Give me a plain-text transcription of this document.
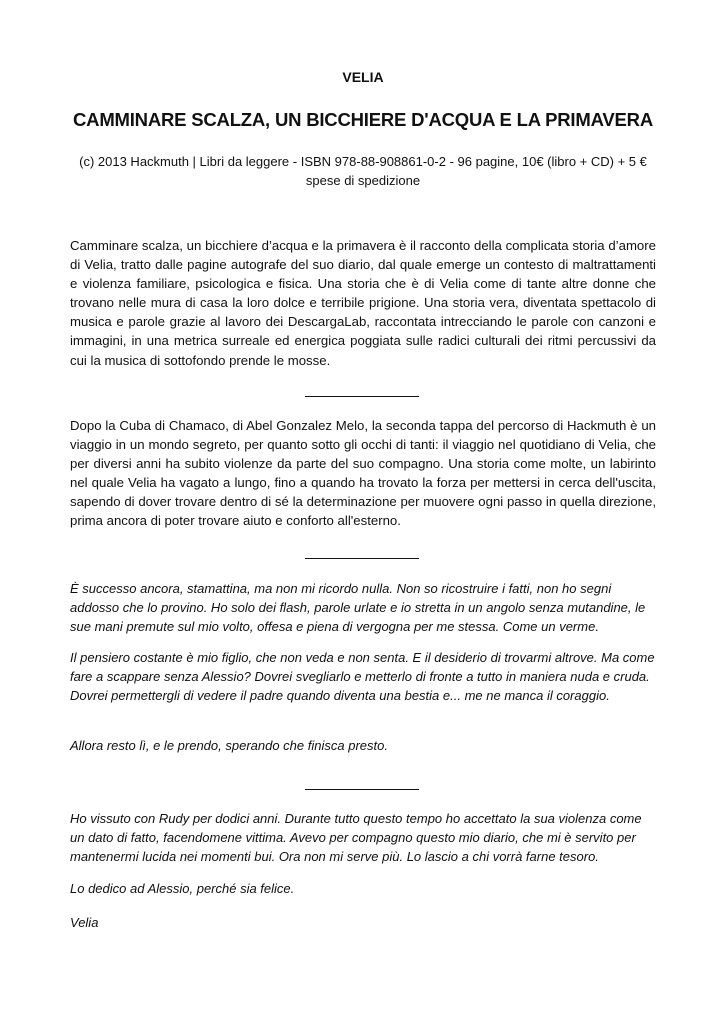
VELIA
CAMMINARE SCALZA, UN BICCHIERE D'ACQUA E LA PRIMAVERA
(c) 2013 Hackmuth | Libri da leggere - ISBN 978-88-908861-0-2 - 96 pagine, 10€ (libro + CD) + 5 € spese di spedizione
Camminare scalza, un bicchiere d’acqua e la primavera è il racconto della complicata storia d’amore di Velia, tratto dalle pagine autografe del suo diario, dal quale emerge un contesto di maltrattamenti e violenza familiare, psicologica e fisica. Una storia che è di Velia come di tante altre donne che trovano nelle mura di casa la loro dolce e terribile prigione. Una storia vera, diventata spettacolo di musica e parole grazie al lavoro dei DescargaLab, raccontata intrecciando le parole con canzoni e immagini, in una metrica surreale ed energica poggiata sulle radici culturali dei ritmi percussivi da cui la musica di sottofondo prende le mosse.
Dopo la Cuba di Chamaco, di Abel Gonzalez Melo, la seconda tappa del percorso di Hackmuth è un viaggio in un mondo segreto, per quanto sotto gli occhi di tanti: il viaggio nel quotidiano di Velia, che per diversi anni ha subito violenze da parte del suo compagno. Una storia come molte, un labirinto nel quale Velia ha vagato a lungo, fino a quando ha trovato la forza per mettersi in cerca dell'uscita, sapendo di dover trovare dentro di sé la determinazione per muovere ogni passo in quella direzione, prima ancora di poter trovare aiuto e conforto all'esterno.
È successo ancora, stamattina, ma non mi ricordo nulla. Non so ricostruire i fatti, non ho segni addosso che lo provino. Ho solo dei flash, parole urlate e io stretta in un angolo senza mutandine, le sue mani premute sul mio volto, offesa e piena di vergogna per me stessa. Come un verme.
Il pensiero costante è mio figlio, che non veda e non senta. E il desiderio di trovarmi altrove. Ma come fare a scappare senza Alessio? Dovrei svegliarlo e metterlo di fronte a tutto in maniera nuda e cruda. Dovrei permettergli di vedere il padre quando diventa una bestia e... me ne manca il coraggio.
Allora resto lì, e le prendo, sperando che finisca presto.
Ho vissuto con Rudy per dodici anni. Durante tutto questo tempo ho accettato la sua violenza come un dato di fatto, facendomene vittima. Avevo per compagno questo mio diario, che mi è servito per mantenermi lucida nei momenti bui. Ora non mi serve più. Lo lascio a chi vorrà farne tesoro.
Lo dedico ad Alessio, perché sia felice.
Velia
